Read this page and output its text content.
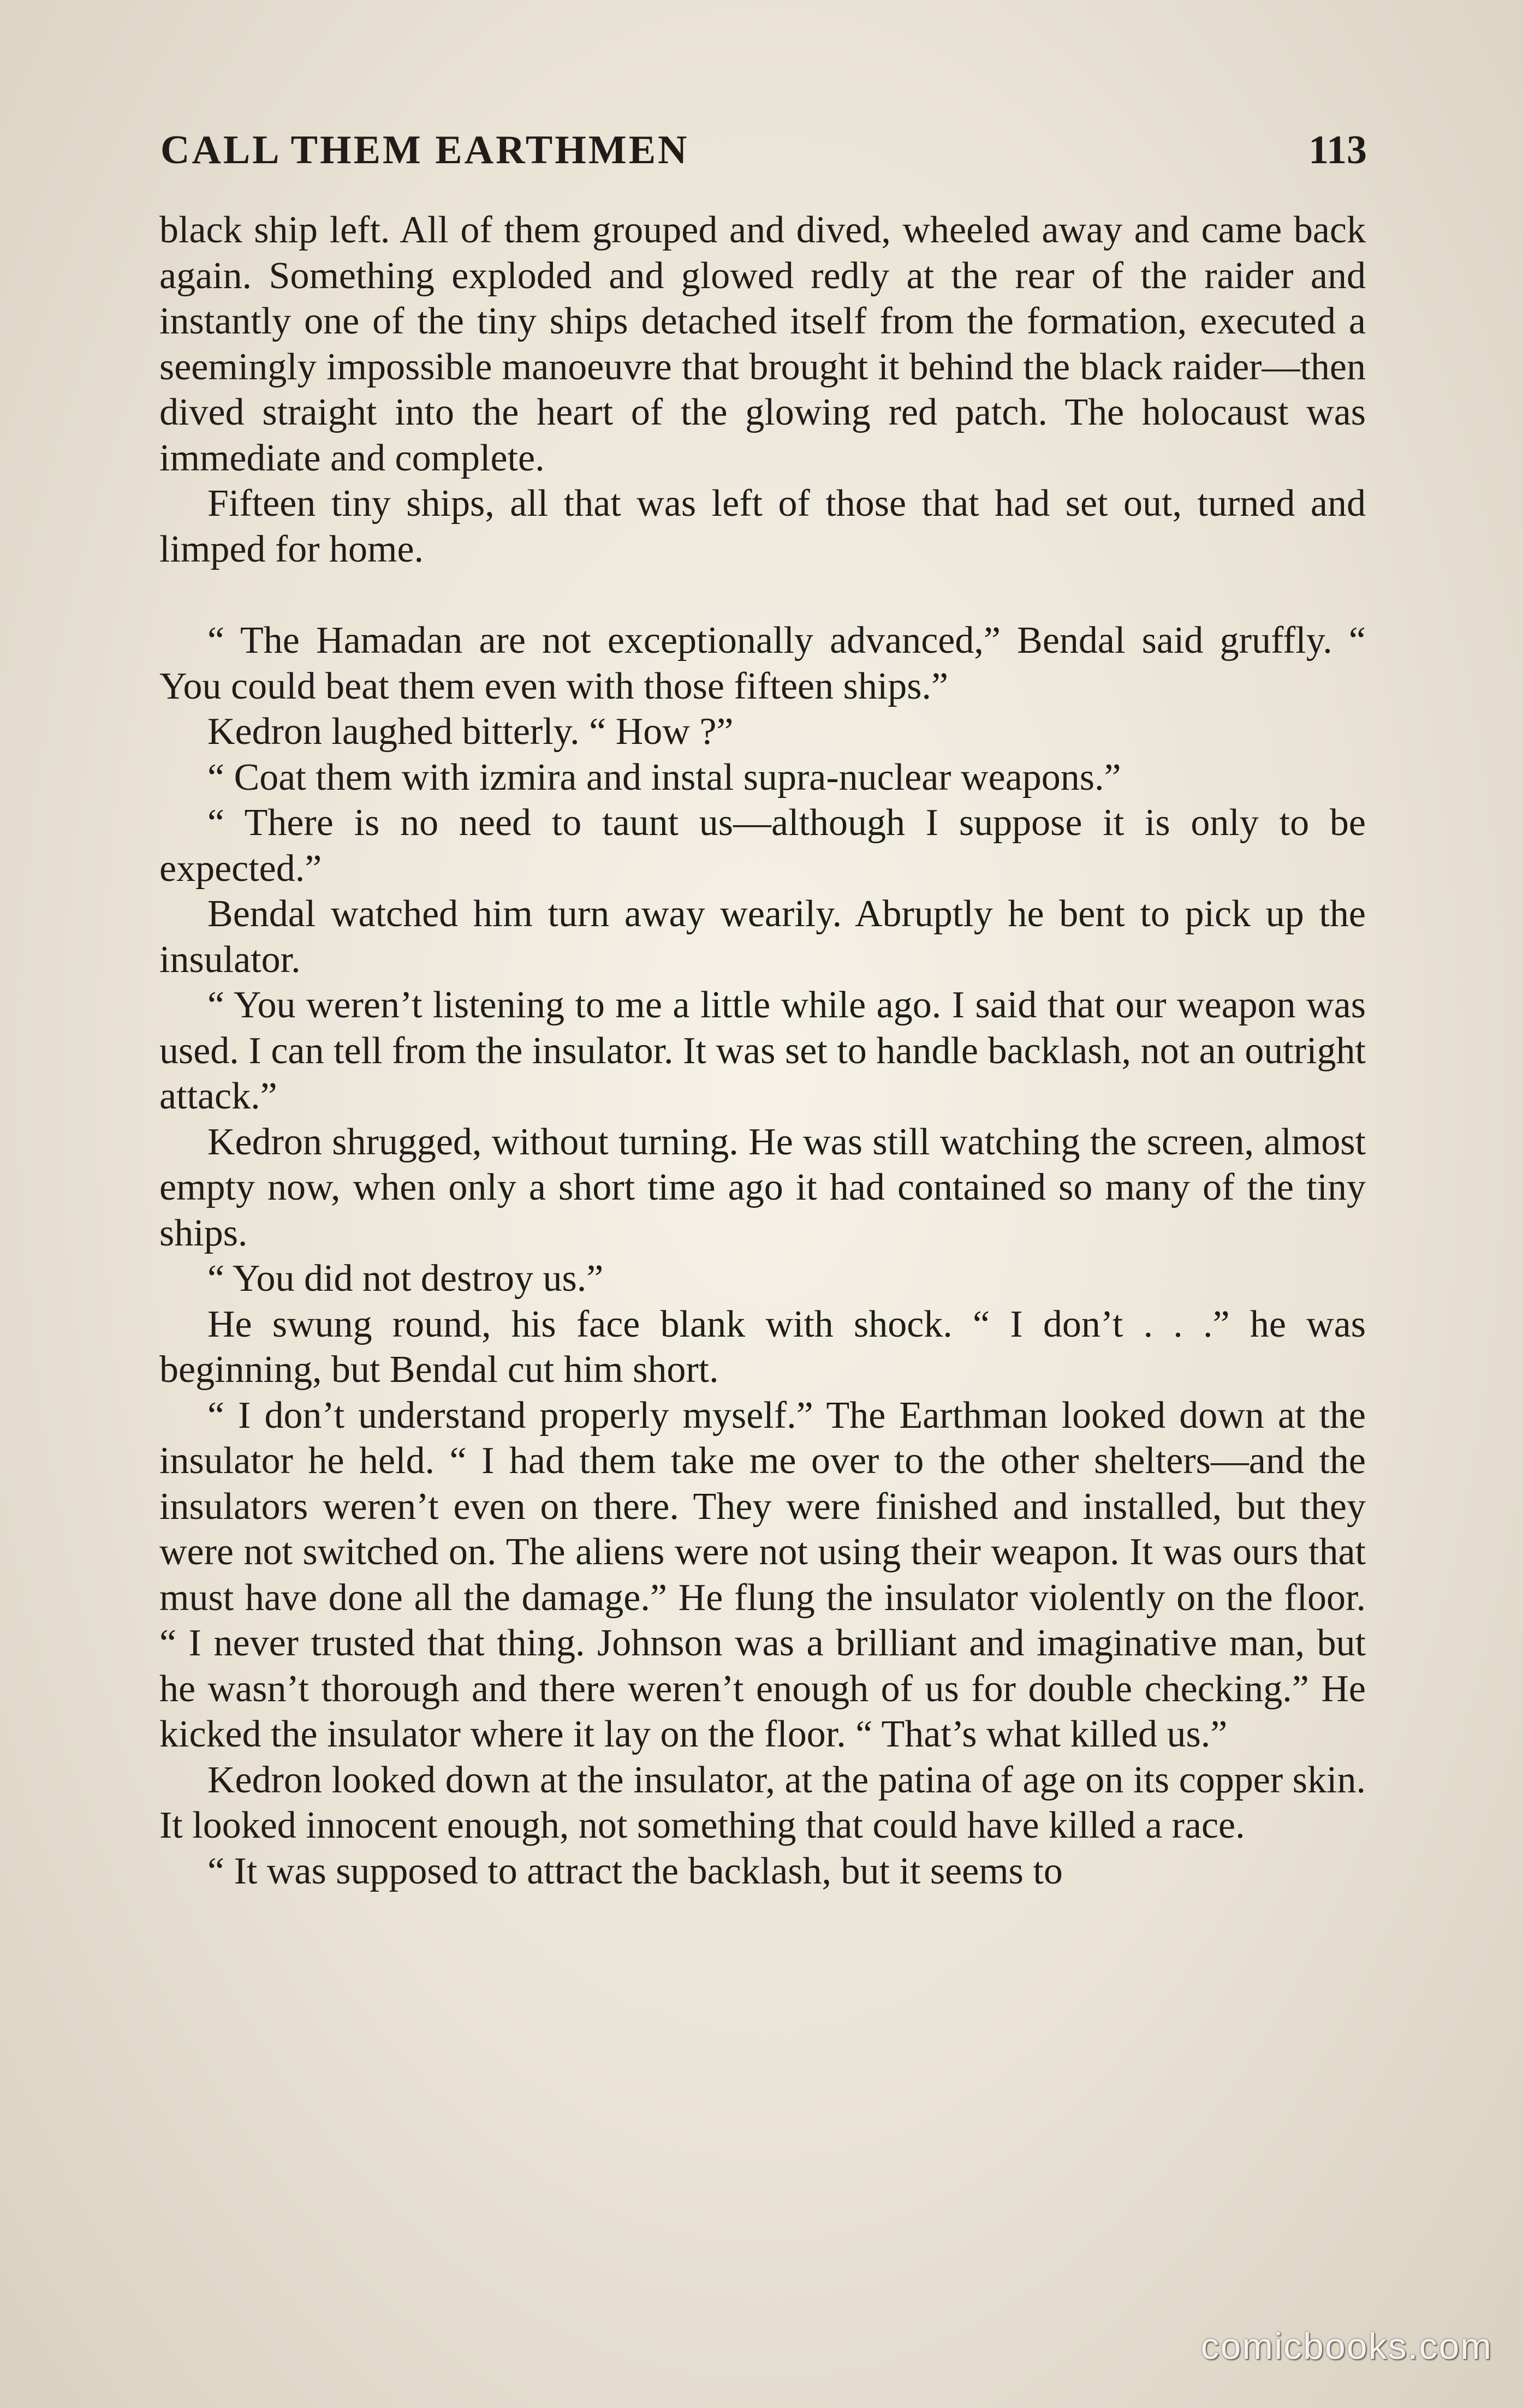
CALL THEM EARTHMEN	113

black ship left. All of them grouped and dived, wheeled away and came back again. Something exploded and glowed redly at the rear of the raider and instantly one of the tiny ships detached itself from the formation, executed a seemingly impossible manoeuvre that brought it behind the black raider—then dived straight into the heart of the glowing red patch. The holocaust was immediate and complete.

Fifteen tiny ships, all that was left of those that had set out, turned and limped for home.

“ The Hamadan are not exceptionally advanced,” Bendal said gruffly. “ You could beat them even with those fifteen ships.”

Kedron laughed bitterly. “ How ?”

“ Coat them with izmira and instal supra-nuclear weapons.”

“ There is no need to taunt us—although I suppose it is only to be expected.”

Bendal watched him turn away wearily. Abruptly he bent to pick up the insulator.

“ You weren’t listening to me a little while ago. I said that our weapon was used. I can tell from the insulator. It was set to handle backlash, not an outright attack.”

Kedron shrugged, without turning. He was still watching the screen, almost empty now, when only a short time ago it had contained so many of the tiny ships.

“ You did not destroy us.”

He swung round, his face blank with shock. “ I don’t . . .” he was beginning, but Bendal cut him short.

“ I don’t understand properly myself.” The Earthman looked down at the insulator he held. “ I had them take me over to the other shelters—and the insulators weren’t even on there. They were finished and installed, but they were not switched on. The aliens were not using their weapon. It was ours that must have done all the damage.” He flung the insulator violently on the floor. “ I never trusted that thing. Johnson was a brilliant and imaginative man, but he wasn’t thorough and there weren’t enough of us for double checking.” He kicked the insulator where it lay on the floor. “ That’s what killed us.”

Kedron looked down at the insulator, at the patina of age on its copper skin. It looked innocent enough, not something that could have killed a race.

“ It was supposed to attract the backlash, but it seems to

comicbooks.com
